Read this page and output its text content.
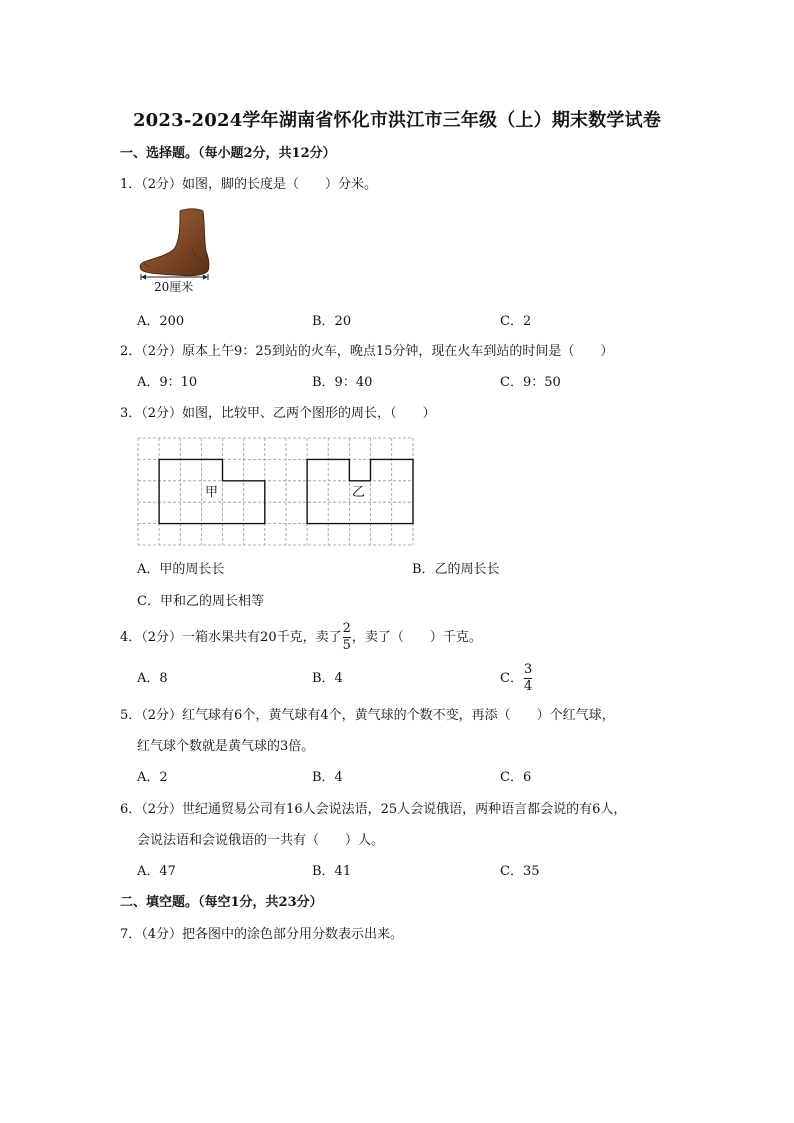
2023-2024学年湖南省怀化市洪江市三年级（上）期末数学试卷
一、选择题。（每小题2分，共12分）
1．（2分）如图，脚的长度是（　　）分米。
20厘米
A．200	B．20	C．2
2．（2分）原本上午9：25到站的火车，晚点15分钟，现在火车到站的时间是（　　）
A．9：10	B．9：40	C．9：50
3．（2分）如图，比较甲、乙两个图形的周长，（　　）
甲	乙
A．甲的周长长	B．乙的周长长
C．甲和乙的周长相等
4．（2分）一箱水果共有20千克，卖了 $\frac{2}{5}$ ，卖了（　　）千克。
A．8	B．4	C． $\frac{3}{4}$
5．（2分）红气球有6个，黄气球有4个，黄气球的个数不变，再添（　　）个红气球，
红气球个数就是黄气球的3倍。
A．2	B．4	C．6
6．（2分）世纪通贸易公司有16人会说法语，25人会说俄语，两种语言都会说的有6人，
会说法语和会说俄语的一共有（　　）人。
A．47	B．41	C．35
二、填空题。（每空1分，共23分）
7．（4分）把各图中的涂色部分用分数表示出来。
